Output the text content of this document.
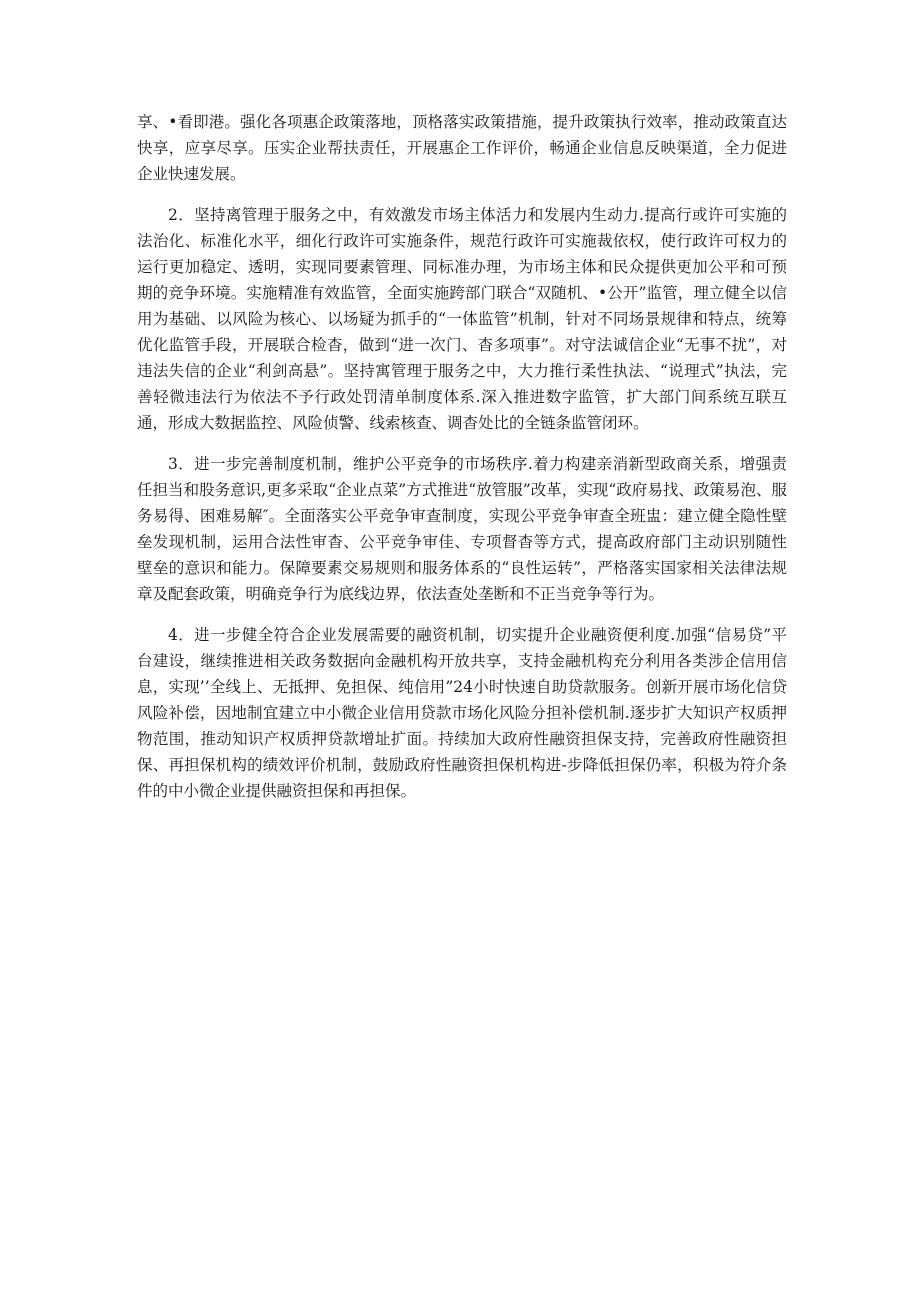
享、•看即港。强化各项惠企政策落地，顶格落实政策措施，提升政策执行效率，推动政策直达快享，应享尽享。压实企业帮扶责任，开展惠企工作评价，畅通企业信息反映渠道，全力促进企业快速发展。

2．坚持离管理于服务之中，有效激发市场主体活力和发展内生动力.提高行或许可实施的法治化、标准化水平，细化行政许可实施条件，规范行政许可实施裁依权，使行政许可权力的运行更加稳定、透明，实现同要素管理、同标准办理，为市场主体和民众提供更加公平和可预期的竞争环境。实施精准有效监管，全面实施跨部门联合“双随机、•公开”监管，理立健全以信用为基础、以风险为核心、以场疑为抓手的“一体监管”机制，针对不同场景规律和特点，统筹优化监管手段，开展联合检杳，做到“进一次门、杳多项事”。对守法诚信企业“无事不扰”，对违法失信的企业“利剑高悬”。坚持寓管理于服务之中，大力推行柔性执法、“说理式”执法，完善轻微违法行为依法不予行政处罚清单制度体系.深入推进数字监管，扩大部门间系统互联互通，形成大数据监控、风险侦警、线索核查、调杳处比的全链条监管闭环。

3．进一步完善制度机制，维护公平竞争的市场秩序.着力构建亲消新型政商关系，增强责任担当和股务意识,更多采取“企业点菜”方式推进“放管服”改革，实现“政府易找、政策易泡、服务易得、困难易解″。全面落实公平竞争审查制度，实现公平竞争审查全班盅：建立健全隐性壁垒发现机制，运用合法性审杳、公平竞争审佳、专项督杳等方式，提高政府部门主动识别随性壁垒的意识和能力。保障要素交易规则和服务体系的“良性运转”，严格落实国家相关法律法规章及配套政策，明确竞争行为底线边界，依法查处垄断和不正当竞争等行为。

4．进一步健全符合企业发展需要的融资机制，切实提升企业融资便利度.加强“信易贷”平台建设，继续推进相关政务数据向金融机构开放共享，支持金融机构充分利用各类涉企信用信息，实现’’全线上、无抵押、免担保、纯信用”24小时快速自助贷款服务。创新开展市场化信贷风险补偿，因地制宜建立中小微企业信用贷款市场化风险分担补偿机制.逐步扩大知识产权质押物范围，推动知识产权质押贷款增址扩面。持续加大政府性融资担保支持，完善政府性融资担保、再担保机构的绩效评价机制，鼓励政府性融资担保机构进-步降低担保仍率，积极为符介条件的中小微企业提供融资担保和再担保。
